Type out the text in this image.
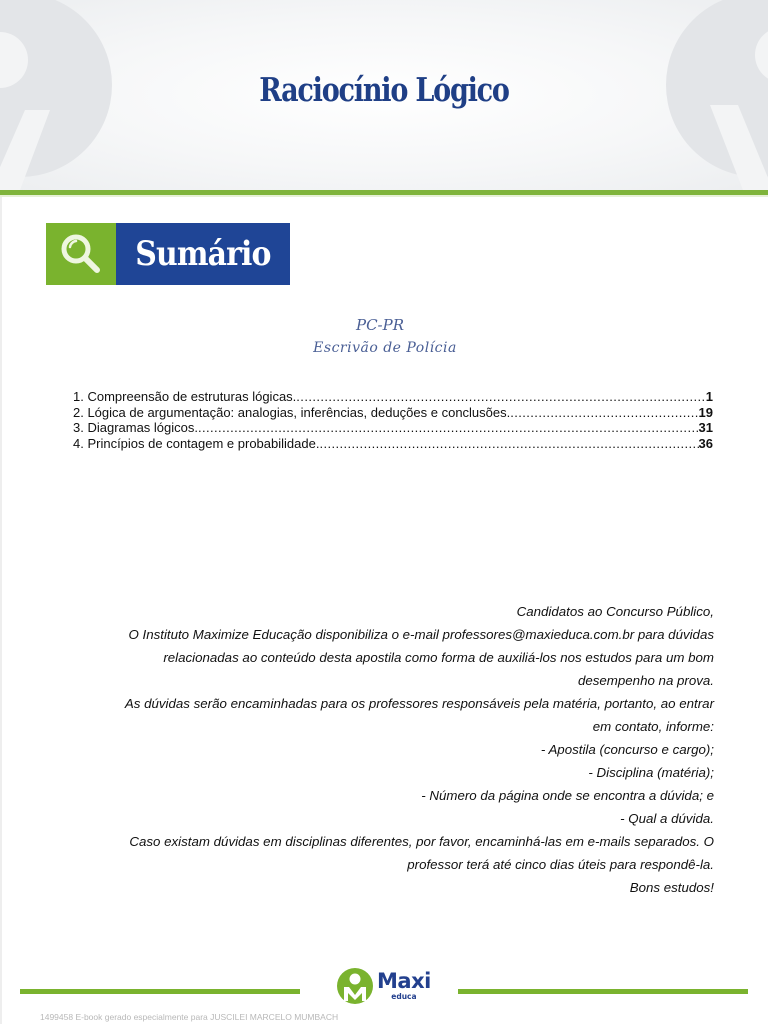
Raciocínio Lógico
Sumário
PC-PR
Escrivão de Polícia
1. Compreensão de estruturas lógicas. .....	1
2. Lógica de argumentação: analogias, inferências, deduções e conclusões. .....	19
3. Diagramas lógicos. .....	31
4. Princípios de contagem e probabilidade. .....	36

Candidatos ao Concurso Público,

O Instituto Maximize Educação disponibiliza o e-mail professores@maxieduca.com.br para dúvidas

relacionadas ao conteúdo desta apostila como forma de auxiliá-los nos estudos para um bom

desempenho na prova.

As dúvidas serão encaminhadas para os professores responsáveis pela matéria, portanto, ao entrar

em contato, informe:

- Apostila (concurso e cargo);

- Disciplina (matéria);

- Número da página onde se encontra a dúvida; e

- Qual a dúvida.

Caso existam dúvidas em disciplinas diferentes, por favor, encaminhá-las em e-mails separados. O

professor terá até cinco dias úteis para respondê-la.

Bons estudos!

Maxi
educa
1499458 E-book gerado especialmente para JUSCILEI MARCELO MUMBACH
